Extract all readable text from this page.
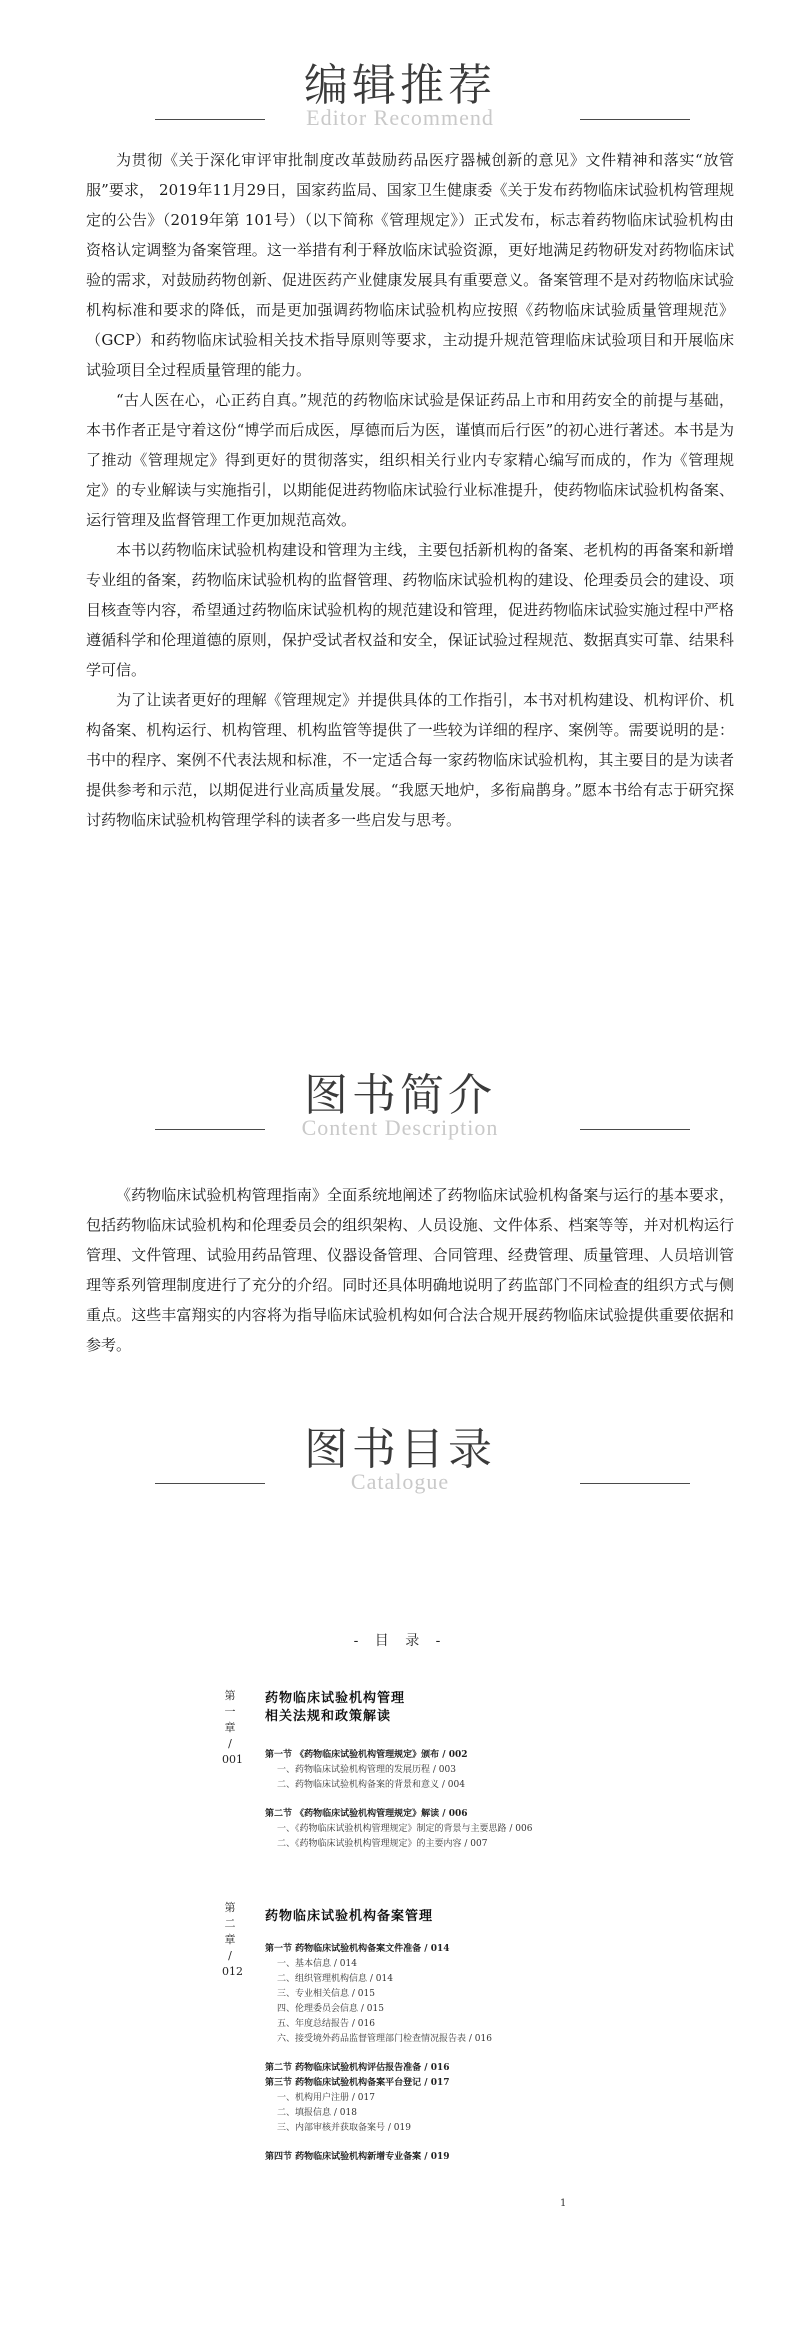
编辑推荐
Editor Recommend

为贯彻《关于深化审评审批制度改革鼓励药品医疗器械创新的意见》文件精神和落实“放管服”要求， 2019年11月29日，国家药监局、国家卫生健康委《关于发布药物临床试验机构管理规定的公告》（2019年第 101号）（以下简称《管理规定》）正式发布，标志着药物临床试验机构由资格认定调整为备案管理。这一举措有利于释放临床试验资源，更好地满足药物研发对药物临床试验的需求，对鼓励药物创新、促进医药产业健康发展具有重要意义。备案管理不是对药物临床试验机构标准和要求的降低，而是更加强调药物临床试验机构应按照《药物临床试验质量管理规范》（GCP）和药物临床试验相关技术指导原则等要求，主动提升规范管理临床试验项目和开展临床试验项目全过程质量管理的能力。

“古人医在心，心正药自真。”规范的药物临床试验是保证药品上市和用药安全的前提与基础，本书作者正是守着这份“博学而后成医，厚德而后为医，谨慎而后行医”的初心进行著述。本书是为了推动《管理规定》得到更好的贯彻落实，组织相关行业内专家精心编写而成的，作为《管理规定》的专业解读与实施指引，以期能促进药物临床试验行业标准提升，使药物临床试验机构备案、运行管理及监督管理工作更加规范高效。

本书以药物临床试验机构建设和管理为主线，主要包括新机构的备案、老机构的再备案和新增专业组的备案，药物临床试验机构的监督管理、药物临床试验机构的建设、伦理委员会的建设、项目核查等内容，希望通过药物临床试验机构的规范建设和管理，促进药物临床试验实施过程中严格遵循科学和伦理道德的原则，保护受试者权益和安全，保证试验过程规范、数据真实可靠、结果科学可信。

为了让读者更好的理解《管理规定》并提供具体的工作指引，本书对机构建设、机构评价、机构备案、机构运行、机构管理、机构监管等提供了一些较为详细的程序、案例等。需要说明的是：书中的程序、案例不代表法规和标准，不一定适合每一家药物临床试验机构，其主要目的是为读者提供参考和示范，以期促进行业高质量发展。“我愿天地炉，多衔扁鹊身。”愿本书给有志于研究探讨药物临床试验机构管理学科的读者多一些启发与思考。

图书简介
Content Description

《药物临床试验机构管理指南》全面系统地阐述了药物临床试验机构备案与运行的基本要求，包括药物临床试验机构和伦理委员会的组织架构、人员设施、文件体系、档案等等，并对机构运行管理、文件管理、试验用药品管理、仪器设备管理、合同管理、经费管理、质量管理、人员培训管理等系列管理制度进行了充分的介绍。同时还具体明确地说明了药监部门不同检查的组织方式与侧重点。这些丰富翔实的内容将为指导临床试验机构如何合法合规开展药物临床试验提供重要依据和参考。

图书目录
Catalogue
- 目 录 -
第一章 / 001
药物临床试验机构管理
相关法规和政策解读
第一节 《药物临床试验机构管理规定》颁布 / 002
一、药物临床试验机构管理的发展历程 / 003
二、药物临床试验机构备案的背景和意义 / 004
第二节 《药物临床试验机构管理规定》解读 / 006
一、《药物临床试验机构管理规定》制定的背景与主要思路 / 006
二、《药物临床试验机构管理规定》的主要内容 / 007
第二章 / 012
药物临床试验机构备案管理
第一节 药物临床试验机构备案文件准备 / 014
一、基本信息 / 014
二、组织管理机构信息 / 014
三、专业相关信息 / 015
四、伦理委员会信息 / 015
五、年度总结报告 / 016
六、接受境外药品监督管理部门检查情况报告表 / 016
第二节 药物临床试验机构评估报告准备 / 016
第三节 药物临床试验机构备案平台登记 / 017
一、机构用户注册 / 017
二、填报信息 / 018
三、内部审核并获取备案号 / 019
第四节 药物临床试验机构新增专业备案 / 019
1
